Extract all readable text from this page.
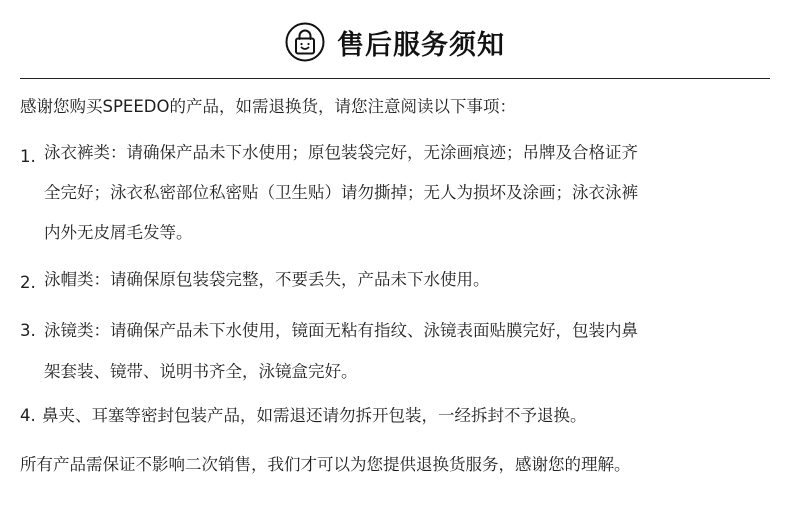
售后服务须知
感谢您购买SPEEDO的产品，如需退换货，请您注意阅读以下事项：
1. 泳衣裤类：请确保产品未下水使用；原包装袋完好，无涂画痕迹；吊牌及合格证齐
全完好；泳衣私密部位私密贴（卫生贴）请勿撕掉；无人为损坏及涂画；泳衣泳裤
内外无皮屑毛发等。
2. 泳帽类：请确保原包装袋完整，不要丢失，产品未下水使用。
3. 泳镜类：请确保产品未下水使用，镜面无粘有指纹、泳镜表面贴膜完好，包装内鼻
架套装、镜带、说明书齐全，泳镜盒完好。
4. 鼻夹、耳塞等密封包装产品，如需退还请勿拆开包装，一经拆封不予退换。
所有产品需保证不影响二次销售，我们才可以为您提供退换货服务，感谢您的理解。
